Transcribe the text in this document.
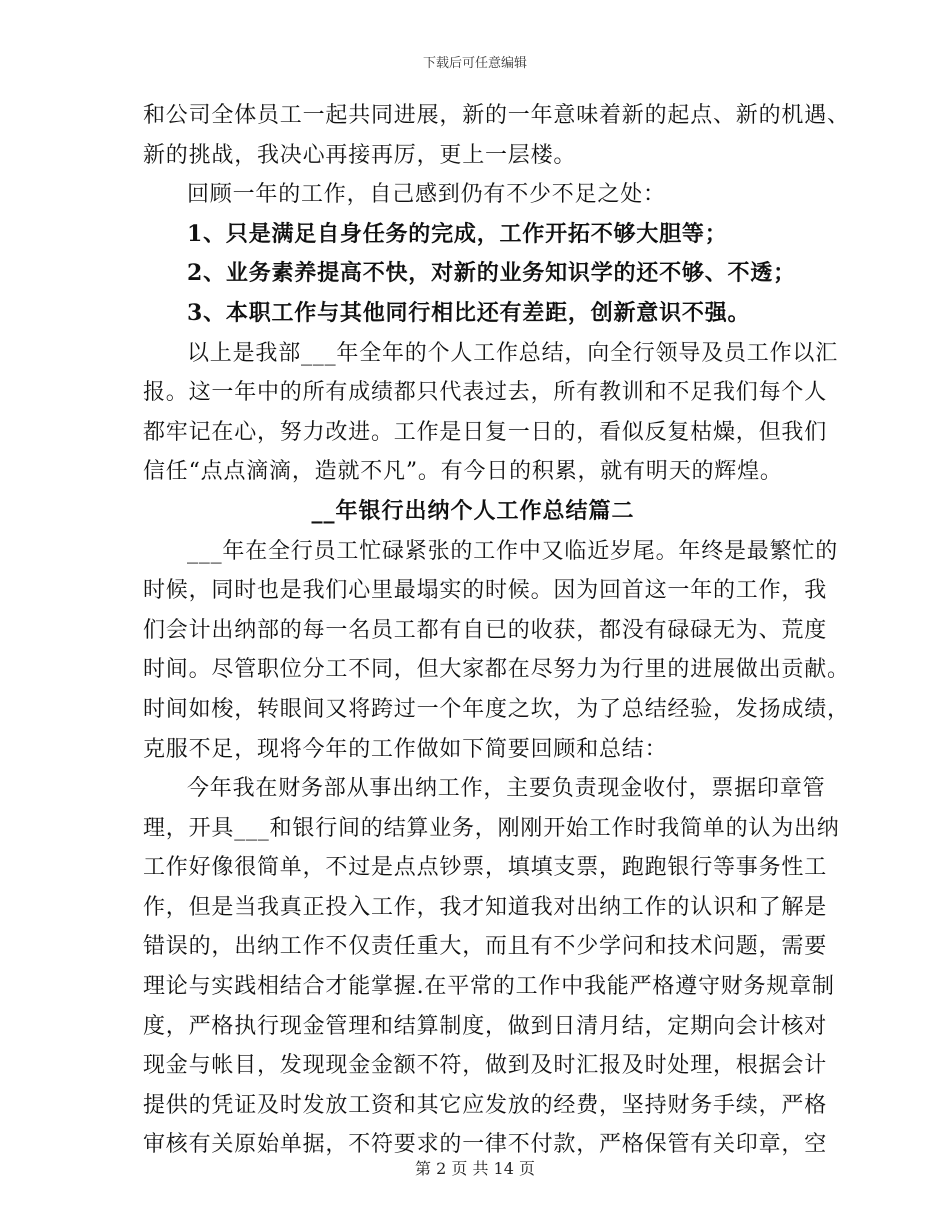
下载后可任意编辑
和公司全体员工一起共同进展，新的一年意味着新的起点、新的机遇、
新的挑战，我决心再接再厉，更上一层楼。
回顾一年的工作，自己感到仍有不少不足之处：
1、只是满足自身任务的完成，工作开拓不够大胆等；
2、业务素养提高不快，对新的业务知识学的还不够、不透；
3、本职工作与其他同行相比还有差距，创新意识不强。
以上是我部___年全年的个人工作总结，向全行领导及员工作以汇
报。这一年中的所有成绩都只代表过去，所有教训和不足我们每个人
都牢记在心，努力改进。工作是日复一日的，看似反复枯燥，但我们
信任“点点滴滴，造就不凡”。有今日的积累，就有明天的辉煌。
__年银行出纳个人工作总结篇二
___年在全行员工忙碌紧张的工作中又临近岁尾。年终是最繁忙的
时候，同时也是我们心里最塌实的时候。因为回首这一年的工作，我
们会计出纳部的每一名员工都有自已的收获，都没有碌碌无为、荒度
时间。尽管职位分工不同，但大家都在尽努力为行里的进展做出贡献。
时间如梭，转眼间又将跨过一个年度之坎，为了总结经验，发扬成绩，
克服不足，现将今年的工作做如下简要回顾和总结：
今年我在财务部从事出纳工作，主要负责现金收付，票据印章管
理，开具___和银行间的结算业务，刚刚开始工作时我简单的认为出纳
工作好像很简单，不过是点点钞票，填填支票，跑跑银行等事务性工
作，但是当我真正投入工作，我才知道我对出纳工作的认识和了解是
错误的，出纳工作不仅责任重大，而且有不少学问和技术问题，需要
理论与实践相结合才能掌握.在平常的工作中我能严格遵守财务规章制
度，严格执行现金管理和结算制度，做到日清月结，定期向会计核对
现金与帐目，发现现金金额不符，做到及时汇报及时处理，根据会计
提供的凭证及时发放工资和其它应发放的经费，坚持财务手续，严格
审核有关原始单据，不符要求的一律不付款，严格保管有关印章，空
第 2 页 共 14 页
